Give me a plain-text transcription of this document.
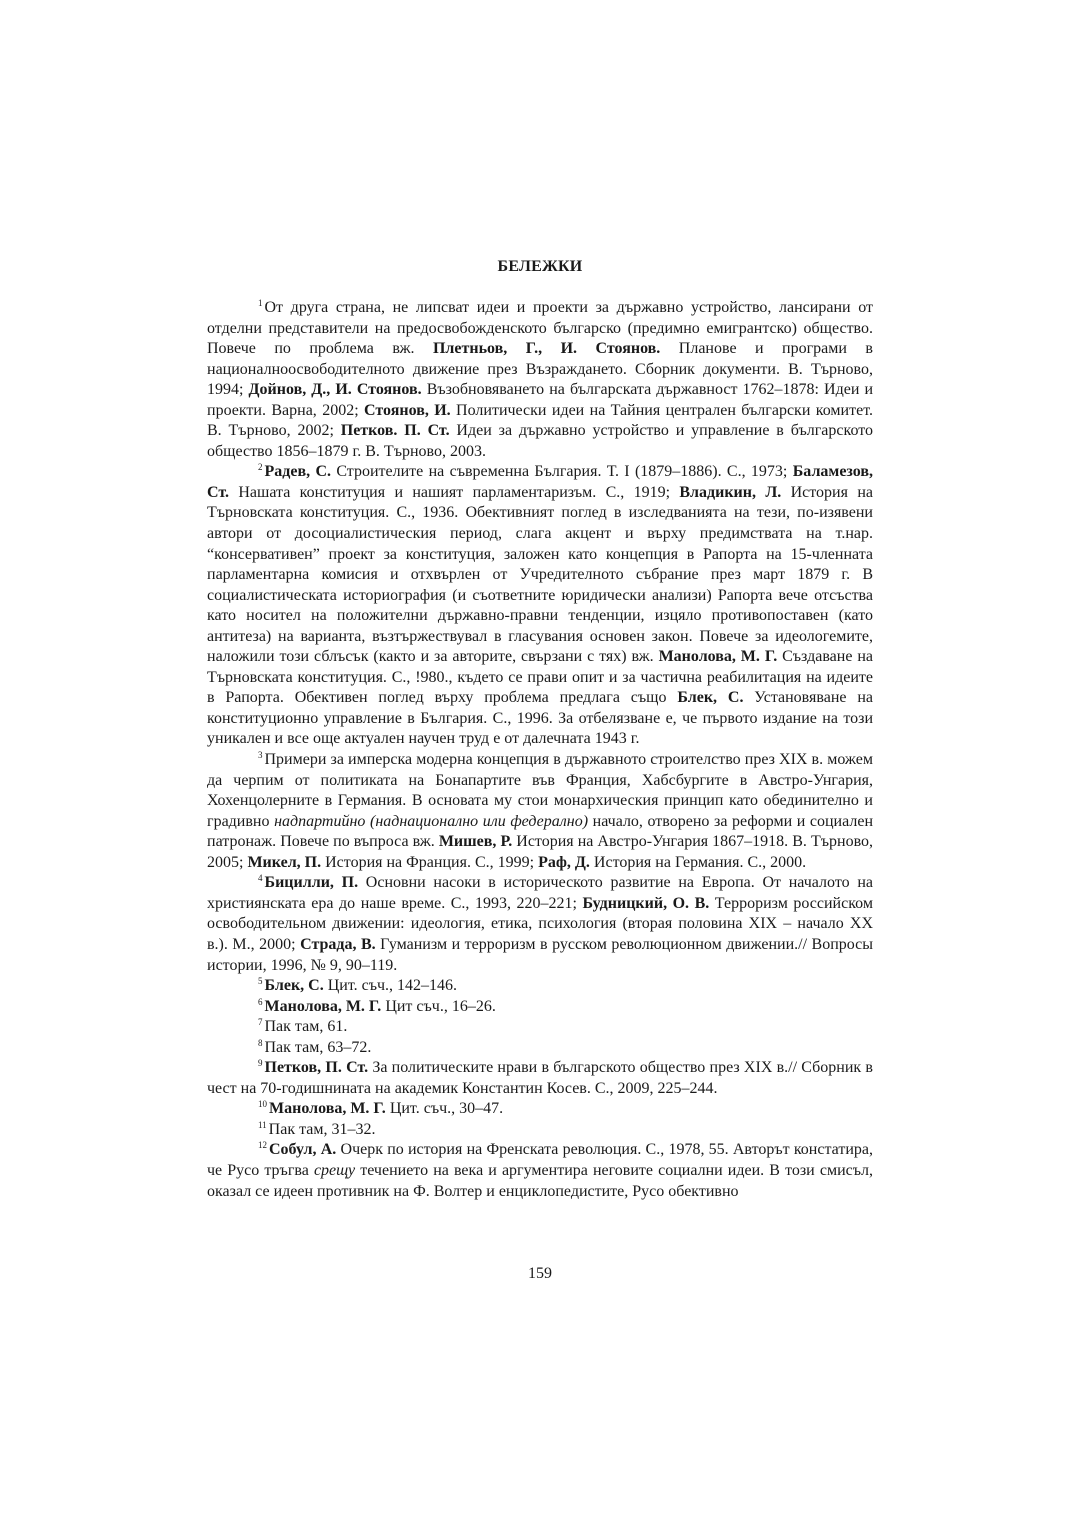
БЕЛЕЖКИ

$^1$ От друга страна, не липсват идеи и проекти за държавно устройство, лансирани от отделни представители на предосвобожденското българско (предимно емигрантско) общество. Повече по проблема вж. Плетньов, Г., И. Стоянов. Планове и програми в националноосвободителното движение през Възраждането. Сборник документи. В. Търново, 1994; Дойнов, Д., И. Стоянов. Възобновяването на българската държавност 1762–1878: Идеи и проекти. Варна, 2002; Стоянов, И. Политически идеи на Тайния централен български комитет. В. Търново, 2002; Петков. П. Ст. Идеи за държавно устройство и управление в българското общество 1856–1879 г. В. Търново, 2003.

$^2$ Радев, С. Строителите на съвременна България. Т. I (1879–1886). С., 1973; Баламезов, Ст. Нашата конституция и нашият парламентаризъм. С., 1919; Владикин, Л. История на Търновската конституция. С., 1936. Обективният поглед в изследванията на тези, по-изявени автори от досоциалистическия период, слага акцент и върху предимствата на т.нар. “консервативен” проект за конституция, заложен като концепция в Рапорта на 15-членната парламентарна комисия и отхвърлен от Учредителното събрание през март 1879 г. В социалистическата историография (и съответните юридически анализи) Рапорта вече отсъства като носител на положителни държавно-правни тенденции, изцяло противопоставен (като антитеза) на варианта, възтържествувал в гласувания основен закон. Повече за идеологемите, наложили този сблъсък (както и за авторите, свързани с тях) вж. Манолова, М. Г. Създаване на Търновската конституция. С., !980., където се прави опит и за частична реабилитация на идеите в Рапорта. Обективен поглед върху проблема предлага също Блек, С. Установяване на конституционно управление в България. С., 1996. За отбелязване е, че първото издание на този уникален и все още актуален научен труд е от далечната 1943 г.

$^3$ Примери за имперска модерна концепция в държавното строителство през XIX в. можем да черпим от политиката на Бонапартите във Франция, Хабсбургите в Австро-Унгария, Хохенцолерните в Германия. В основата му стои монархическия принцип като обединително и градивно надпартийно (наднационално или федерално) начало, отворено за реформи и социален патронаж. Повече по въпроса вж. Мишев, Р. История на Австро-Унгария 1867–1918. В. Търново, 2005; Микел, П. История на Франция. С., 1999; Раф, Д. История на Германия. С., 2000.

$^4$ Бицилли, П. Основни насоки в историческото развитие на Европа. От началото на християнската ера до наше време. С., 1993, 220–221; Будницкий, О. В. Терроризм российском освободительном движении: идеология, етика, психология (вторая половина XIX – начало XX в.). М., 2000; Страда, В. Гуманизм и терроризм в русском революционном движении.// Вопросы истории, 1996, № 9, 90–119.

$^5$ Блек, С. Цит. съч., 142–146.

$^6$ Манолова, М. Г. Цит съч., 16–26.

$^7$ Пак там, 61.

$^8$ Пак там, 63–72.

$^9$ Петков, П. Ст. За политическите нрави в българското общество през XIX в.// Сборник в чест на 70-годишнината на академик Константин Косев. С., 2009, 225–244.

$^{10}$ Манолова, М. Г. Цит. съч., 30–47.

$^{11}$ Пак там, 31–32.

$^{12}$ Собул, А. Очерк по история на Френската революция. С., 1978, 55. Авторът констатира, че Русо тръгва срещу течението на века и аргументира неговите социални идеи. В този смисъл, оказал се идеен противник на Ф. Волтер и енциклопедистите, Русо обективно

159
